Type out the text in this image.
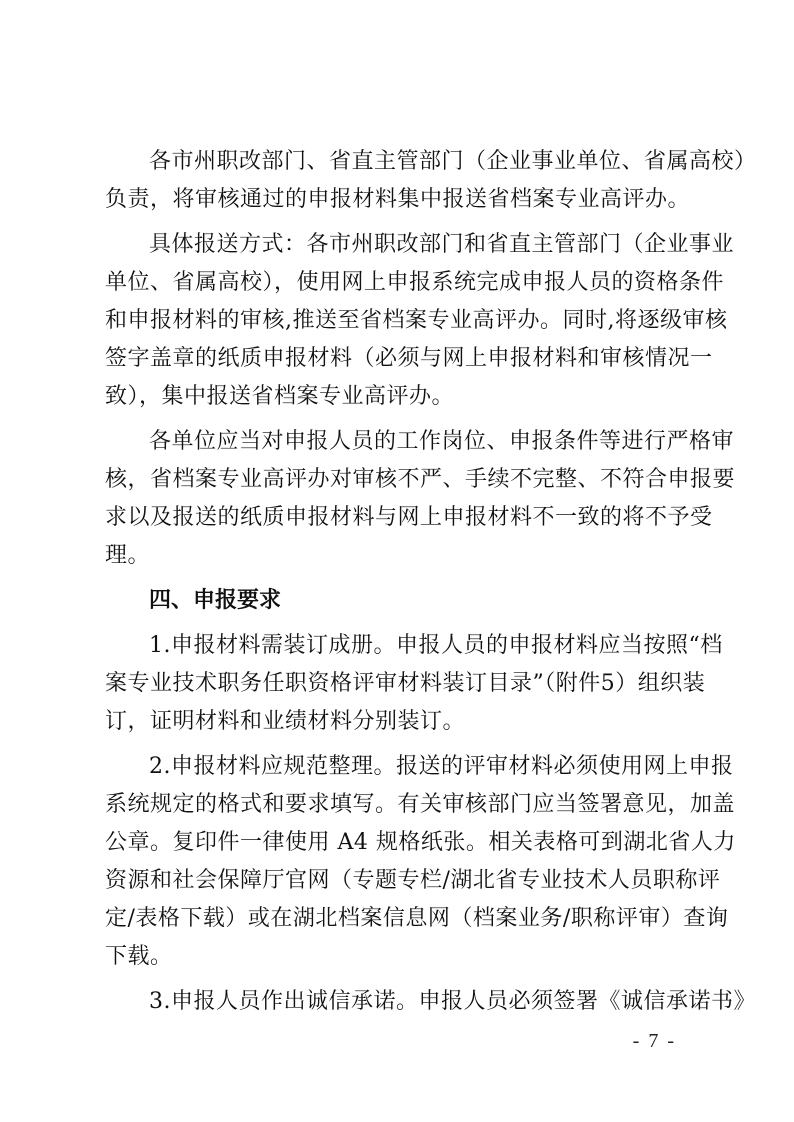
各市州职改部门、省直主管部门（企业事业单位、省属高校）
负责，将审核通过的申报材料集中报送省档案专业高评办。
具体报送方式：各市州职改部门和省直主管部门（企业事业
单位、省属高校），使用网上申报系统完成申报人员的资格条件
和申报材料的审核,推送至省档案专业高评办。同时,将逐级审核
签字盖章的纸质申报材料（必须与网上申报材料和审核情况一
致），集中报送省档案专业高评办。
各单位应当对申报人员的工作岗位、申报条件等进行严格审
核，省档案专业高评办对审核不严、手续不完整、不符合申报要
求以及报送的纸质申报材料与网上申报材料不一致的将不予受
理。
四、申报要求
1.申报材料需装订成册。申报人员的申报材料应当按照“档
案专业技术职务任职资格评审材料装订目录”（附件5）组织装
订，证明材料和业绩材料分别装订。
2.申报材料应规范整理。报送的评审材料必须使用网上申报
系统规定的格式和要求填写。有关审核部门应当签署意见，加盖
公章。复印件一律使用 A4 规格纸张。相关表格可到湖北省人力
资源和社会保障厅官网（专题专栏/湖北省专业技术人员职称评
定/表格下载）或在湖北档案信息网（档案业务/职称评审）查询
下载。
3.申报人员作出诚信承诺。申报人员必须签署《诚信承诺书》
- 7 -
